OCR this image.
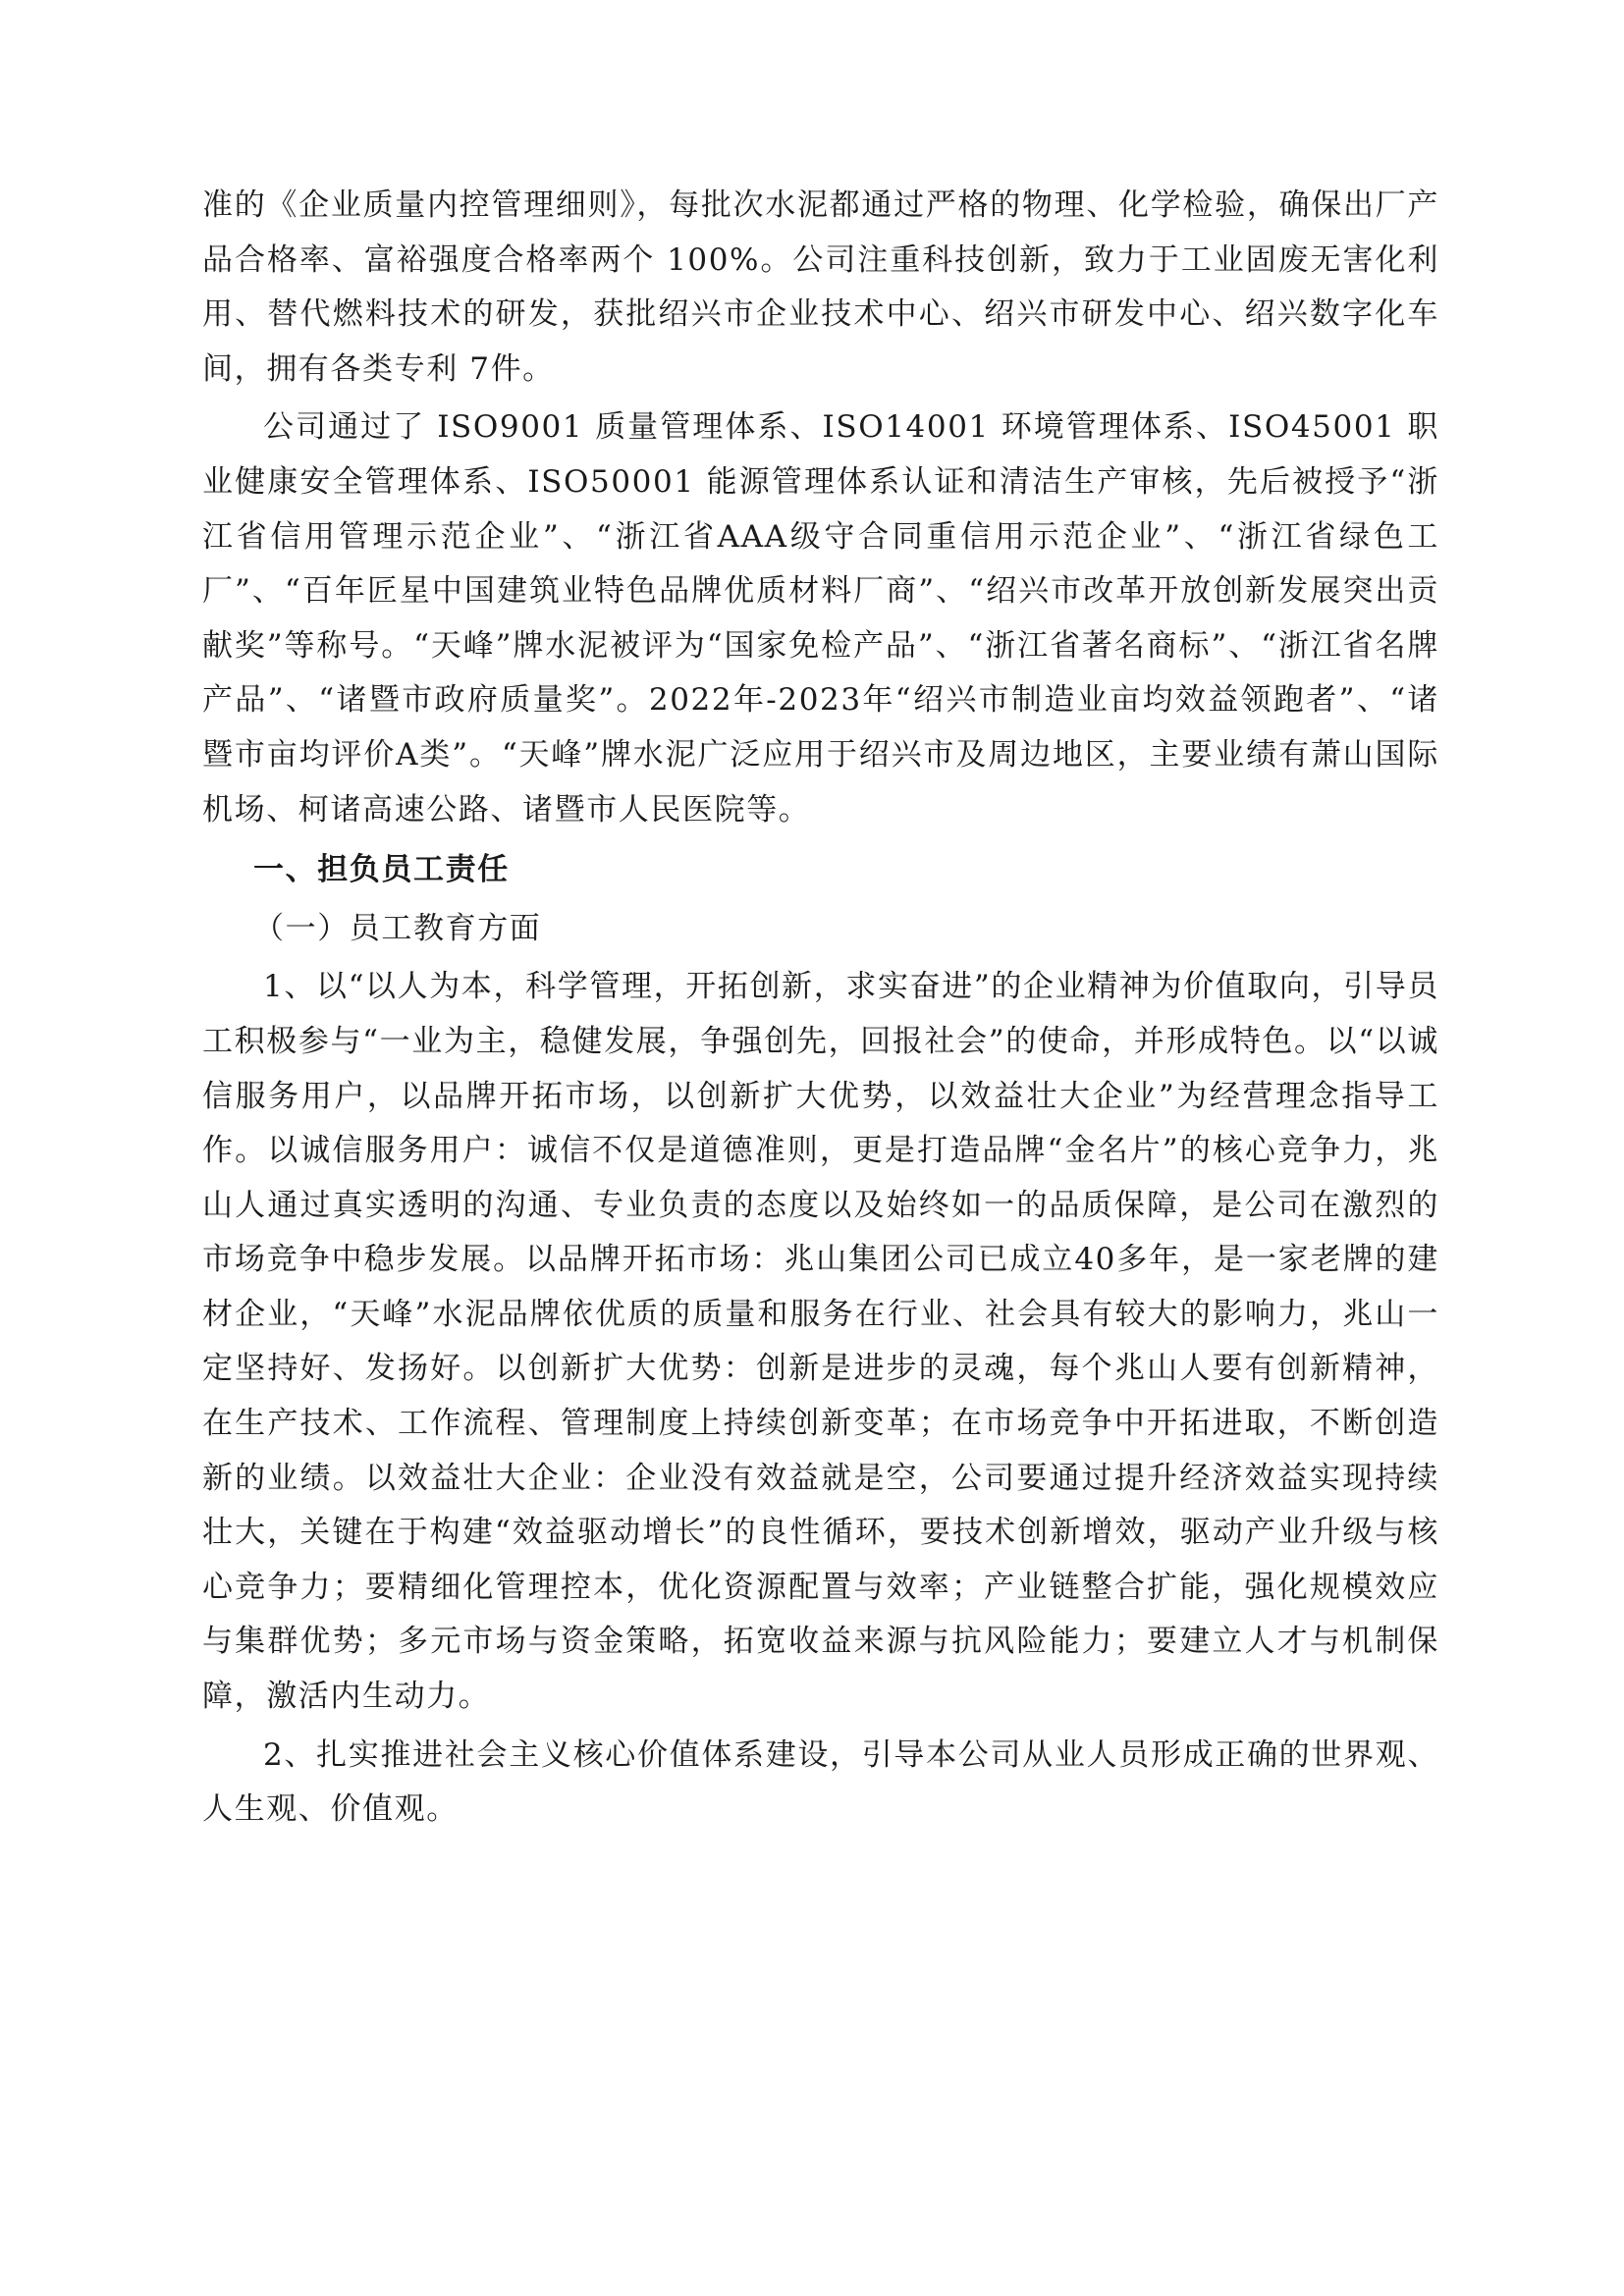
准的《企业质量内控管理细则》，每批次水泥都通过严格的物理、化学检验，确保出厂产品合格率、富裕强度合格率两个 100%。公司注重科技创新，致力于工业固废无害化利用、替代燃料技术的研发，获批绍兴市企业技术中心、绍兴市研发中心、绍兴数字化车间，拥有各类专利 7件。

公司通过了 ISO9001 质量管理体系、ISO14001 环境管理体系、ISO45001 职业健康安全管理体系、ISO50001 能源管理体系认证和清洁生产审核，先后被授予“浙江省信用管理示范企业”、“浙江省AAA级守合同重信用示范企业”、“浙江省绿色工厂”、“百年匠星中国建筑业特色品牌优质材料厂商”、“绍兴市改革开放创新发展突出贡献奖”等称号。“天峰”牌水泥被评为“国家免检产品”、“浙江省著名商标”、“浙江省名牌产品”、“诸暨市政府质量奖”。2022年-2023年“绍兴市制造业亩均效益领跑者”、“诸暨市亩均评价A类”。“天峰”牌水泥广泛应用于绍兴市及周边地区，主要业绩有萧山国际机场、柯诸高速公路、诸暨市人民医院等。

一、担负员工责任

（一）员工教育方面

1、以“以人为本，科学管理，开拓创新，求实奋进”的企业精神为价值取向，引导员工积极参与“一业为主，稳健发展，争强创先，回报社会”的使命，并形成特色。以“以诚信服务用户，以品牌开拓市场，以创新扩大优势，以效益壮大企业”为经营理念指导工作。以诚信服务用户：诚信不仅是道德准则，更是打造品牌“金名片”的核心竞争力，兆山人通过真实透明的沟通、专业负责的态度以及始终如一的品质保障，是公司在激烈的市场竞争中稳步发展。以品牌开拓市场：兆山集团公司已成立40多年，是一家老牌的建材企业，“天峰”水泥品牌依优质的质量和服务在行业、社会具有较大的影响力，兆山一定坚持好、发扬好。以创新扩大优势：创新是进步的灵魂，每个兆山人要有创新精神，在生产技术、工作流程、管理制度上持续创新变革；在市场竞争中开拓进取，不断创造新的业绩。以效益壮大企业：企业没有效益就是空，公司要通过提升经济效益实现持续壮大，关键在于构建“效益驱动增长”的良性循环，要技术创新增效，驱动产业升级与核心竞争力；要精细化管理控本，优化资源配置与效率；产业链整合扩能，强化规模效应与集群优势；多元市场与资金策略，拓宽收益来源与抗风险能力；要建立人才与机制保障，激活内生动力。

2、扎实推进社会主义核心价值体系建设，引导本公司从业人员形成正确的世界观、人生观、价值观。
